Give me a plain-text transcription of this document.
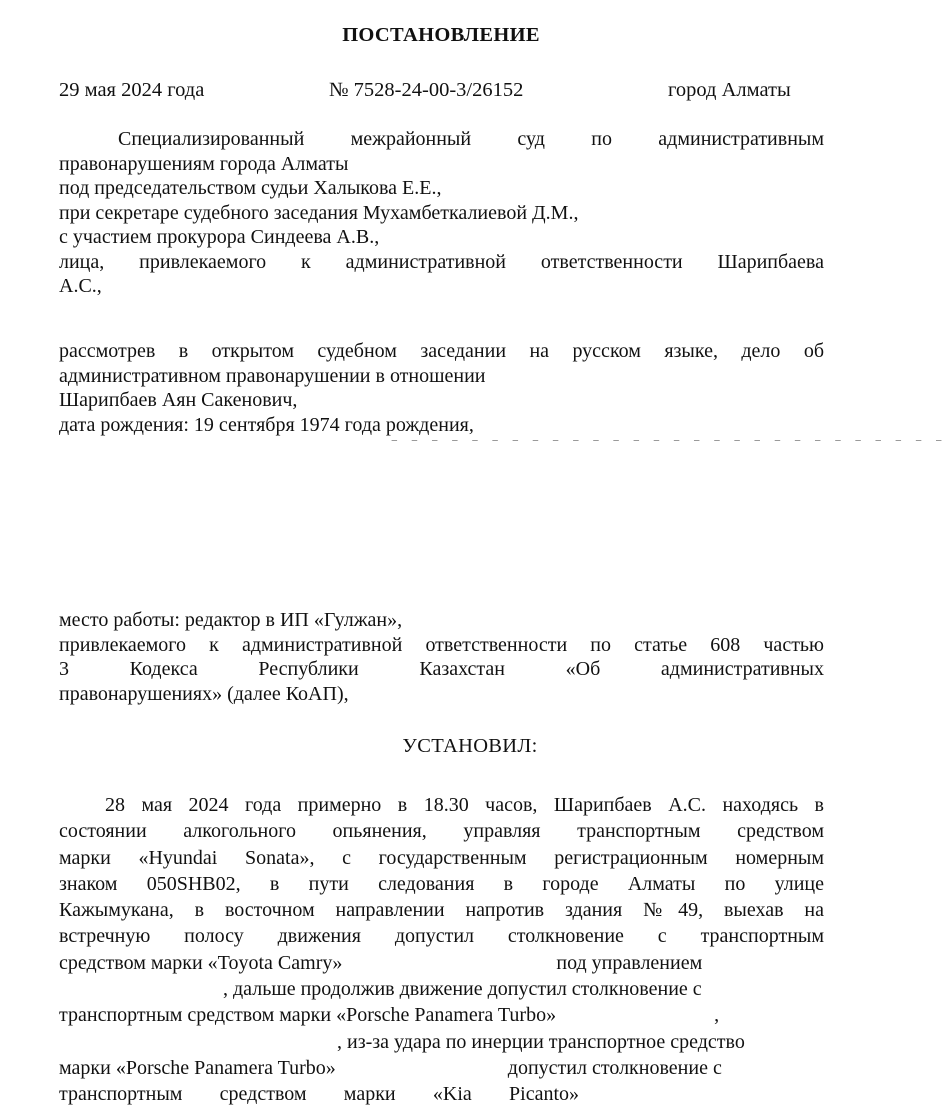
ПОСТАНОВЛЕНИЕ
29 мая 2024 года	№ 7528-24-00-3/26152	город Алматы
Специализированный межрайонный суд по административным
правонарушениям города Алматы
под председательством судьи Халыкова Е.Е.,
при секретаре судебного заседания Мухамбеткалиевой Д.М.,
с участием прокурора Синдеева А.В.,
лица, привлекаемого к административной ответственности Шарипбаева
А.С.,
рассмотрев в открытом судебном заседании на русском языке, дело об
административном правонарушении в отношении
Шарипбаев Аян Сакенович,
дата рождения: 19 сентября 1974 года рождения,
‾ ‾ ‾ ‾ ‾ ‾ ‾ ‾ ‾ ‾ ‾ ‾ ‾ ‾ ‾ ‾ ‾ ‾ ‾ ‾ ‾ ‾ ‾ ‾ ‾ ‾ ‾ ‾
место работы: редактор в ИП «Гулжан»,
привлекаемого к административной ответственности по статье 608 частью
3 Кодекса Республики Казахстан «Об административных
правонарушениях» (далее КоАП),
УСТАНОВИЛ:
28 мая 2024 года примерно в 18.30 часов, Шарипбаев А.С. находясь в
состоянии алкогольного опьянения, управляя транспортным средством
марки «Hyundai Sonata», с государственным регистрационным номерным
знаком 050SHB02, в пути следования в городе Алматы по улице
Кажымукана, в восточном направлении напротив здания №49, выехав на
встречную полосу движения допустил столкновение с транспортным
средством марки «Toyota Camry»	под управлением
, дальше продолжив движение допустил столкновение с
транспортным средством марки «Porsche Panamera Turbo»	,
, из-за удара по инерции транспортное средство
марки «Porsche Panamera Turbo»	допустил столкновение с
транспортным средством марки «Kia Picanto»
